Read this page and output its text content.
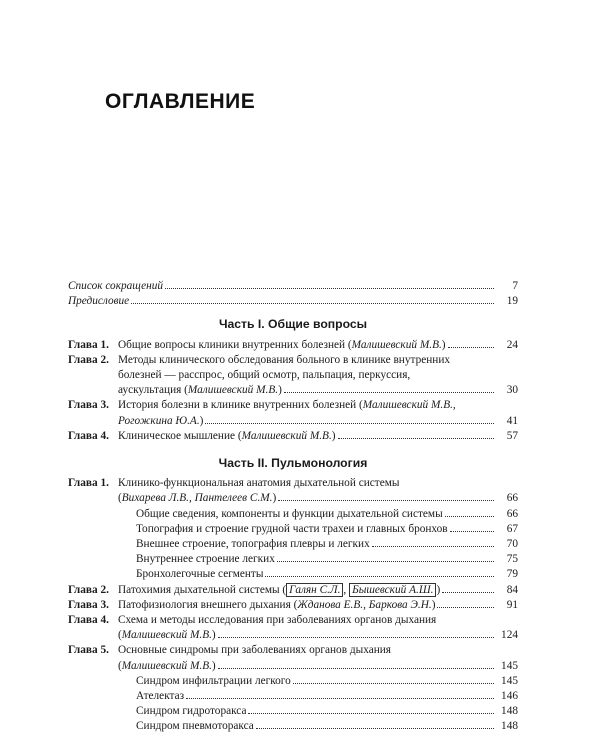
ОГЛАВЛЕНИЕ
Список сокращений	7
Предисловие	19
Часть I. Общие вопросы
Глава 1. Общие вопросы клиники внутренних болезней (Малишевский М.В.)	24
Глава 2. Методы клинического обследования больного в клинике внутренних
болезней — расспрос, общий осмотр, пальпация, перкуссия,
аускультация (Малишевский М.В.)	30
Глава 3. История болезни в клинике внутренних болезней (Малишевский М.В.,
Рогожкина Ю.А.)	41
Глава 4. Клиническое мышление (Малишевский М.В.)	57
Часть II. Пульмонология
Глава 1. Клинико-функциональная анатомия дыхательной системы
(Вихарева Л.В., Пантелеев С.М.)	66
Общие сведения, компоненты и функции дыхательной системы	66
Топография и строение грудной части трахеи и главных бронхов	67
Внешнее строение, топография плевры и легких	70
Внутреннее строение легких	75
Бронхолегочные сегменты	79
Глава 2. Патохимия дыхательной системы ( Галян С.Л. , Бышевский А.Ш. )	84
Глава 3. Патофизиология внешнего дыхания (Жданова Е.В., Баркова Э.Н.)	91
Глава 4. Схема и методы исследования при заболеваниях органов дыхания
(Малишевский М.В.)	124
Глава 5. Основные синдромы при заболеваниях органов дыхания
(Малишевский М.В.)	145
Синдром инфильтрации легкого	145
Ателектаз	146
Синдром гидроторакса	148
Синдром пневмоторакса	148
